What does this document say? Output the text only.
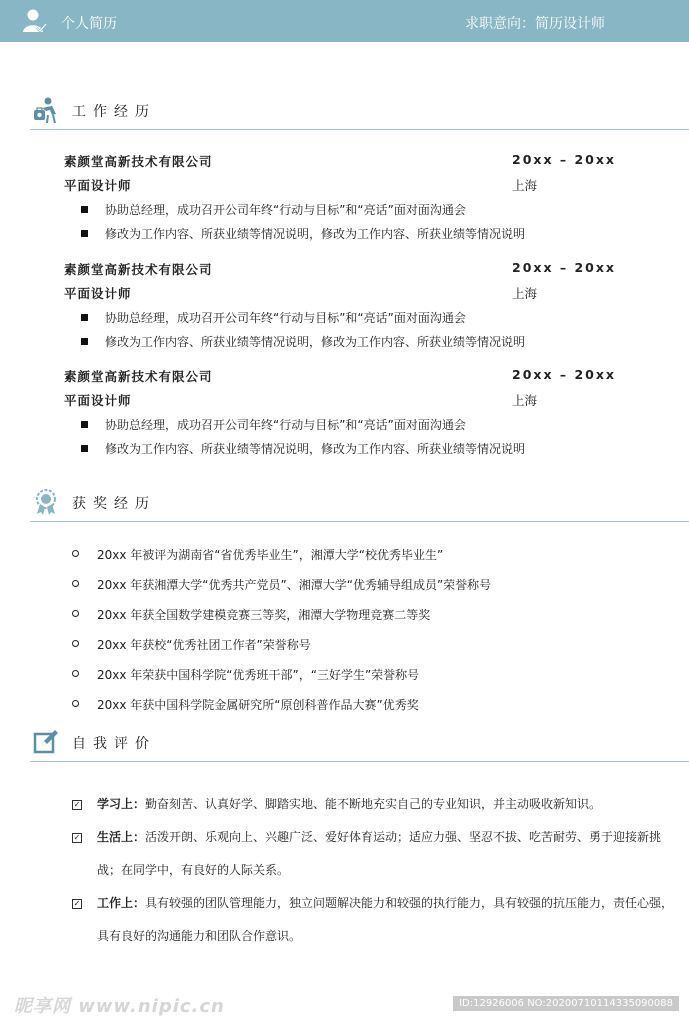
个人简历	求职意向：简历设计师
工作经历
素颜堂高新技术有限公司	20xx – 20xx
平面设计师	上海
协助总经理，成功召开公司年终“行动与目标”和“亮话”面对面沟通会
修改为工作内容、所获业绩等情况说明，修改为工作内容、所获业绩等情况说明
素颜堂高新技术有限公司	20xx – 20xx
平面设计师	上海
协助总经理，成功召开公司年终“行动与目标”和“亮话”面对面沟通会
修改为工作内容、所获业绩等情况说明，修改为工作内容、所获业绩等情况说明
素颜堂高新技术有限公司	20xx – 20xx
平面设计师	上海
协助总经理，成功召开公司年终“行动与目标”和“亮话”面对面沟通会
修改为工作内容、所获业绩等情况说明，修改为工作内容、所获业绩等情况说明
获奖经历
20xx 年被评为湖南省“省优秀毕业生”，湘潭大学“校优秀毕业生”
20xx 年获湘潭大学“优秀共产党员”、湘潭大学“优秀辅导组成员”荣誉称号
20xx 年获全国数学建模竞赛三等奖，湘潭大学物理竞赛二等奖
20xx 年获校“优秀社团工作者”荣誉称号
20xx 年荣获中国科学院“优秀班干部”，“三好学生”荣誉称号
20xx 年获中国科学院金属研究所“原创科普作品大赛”优秀奖
自我评价
✓ 学习上：勤奋刻苦、认真好学、脚踏实地、能不断地充实自己的专业知识，并主动吸收新知识。
✓ 生活上：活泼开朗、乐观向上、兴趣广泛、爱好体育运动；适应力强、坚忍不拔、吃苦耐劳、勇于迎接新挑战；在同学中，有良好的人际关系。
✓ 工作上：具有较强的团队管理能力，独立问题解决能力和较强的执行能力，具有较强的抗压能力，责任心强，具有良好的沟通能力和团队合作意识。
昵享网 www.nipic.cn	ID:12926006 NO:20200710114335090088
